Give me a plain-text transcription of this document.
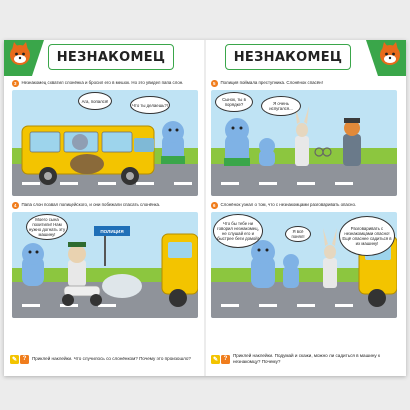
НЕЗНАКОМЕЦ
3	Незнакомец схватил слонёнка и бросил его в мешок. Но это увидел папа слон.
Ага, попался!
Что ты делаешь?!
4	Папа слон позвал полицейского, и они побежали спасать слонёнка.
Моего сына похитили! Нам нужно догнать эту машину!
ПОЛИЦИЯ
✎ ?	Приклей наклейки. Что случилось со слонёнком? Почему это произошло?
НЕЗНАКОМЕЦ
5	Полиция поймала преступника. Слонёнок спасён!
Сынок, ты в порядке?	Я очень испугался...
6	Слонёнок узнал о том, что с незнакомцами разговаривать опасно.
Что бы тебе ни говорил незнакомец, не слушай его и быстрее беги домой!
Я всё понял!
Разговаривать с незнакомцами опасно! Ещё опаснее садиться в их машину!
✎ ?
Приклей наклейки. Подумай и скажи, можно ли садиться в машину к незнакомцу? Почему?
